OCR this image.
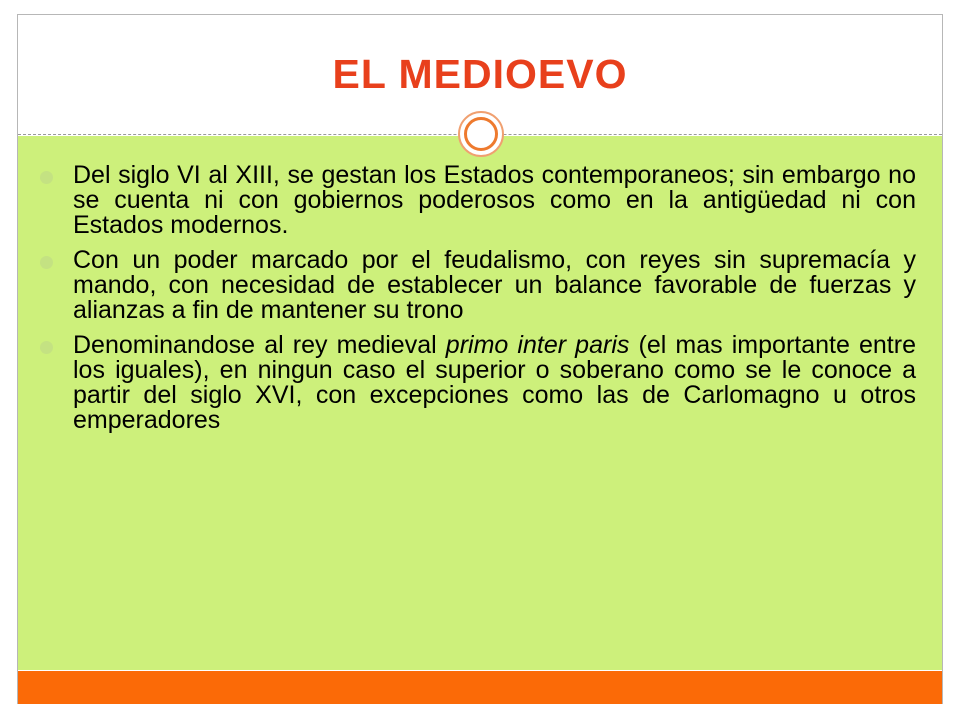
EL MEDIOEVO
Del siglo VI al XIII, se gestan los Estados contemporaneos; sin embargo no se cuenta ni con gobiernos poderosos como en la antigüedad ni con Estados modernos.
Con un poder marcado por el feudalismo, con reyes sin supremacía y mando, con necesidad de establecer un balance favorable de fuerzas y alianzas a fin de mantener su trono
Denominandose al rey medieval primo inter paris (el mas importante entre los iguales), en ningun caso el superior o soberano como se le conoce a partir del siglo XVI, con excepciones como las de Carlomagno u otros emperadores
